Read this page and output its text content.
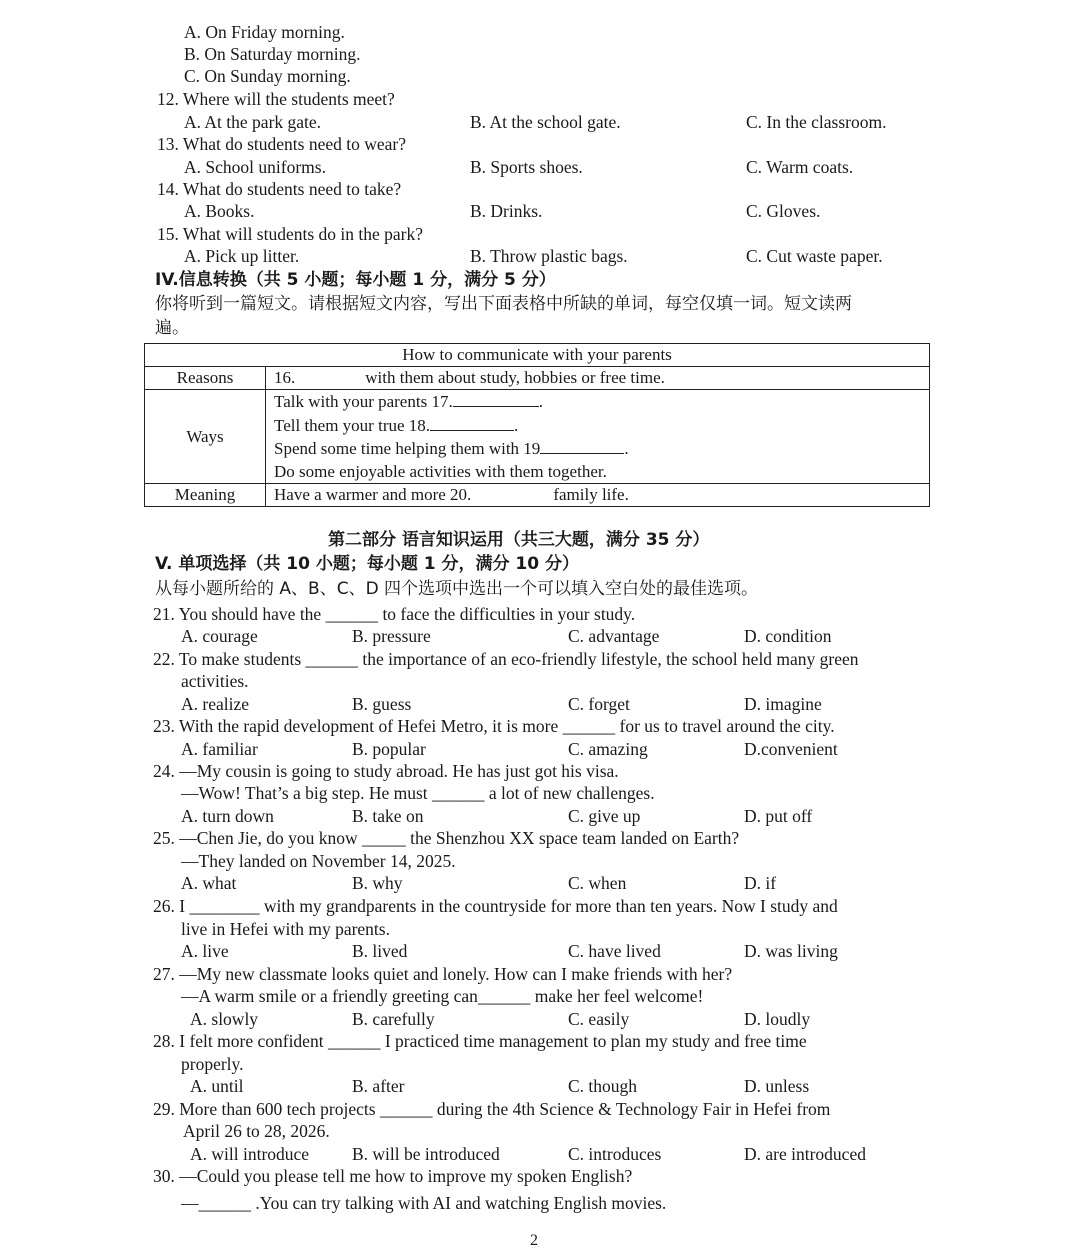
A. On Friday morning.
B. On Saturday morning.
C. On Sunday morning.
12. Where will the students meet?
A. At the park gate.	B. At the school gate.	C. In the classroom.
13. What do students need to wear?
A. School uniforms.	B. Sports shoes.	C. Warm coats.
14. What do students need to take?
A. Books.	B. Drinks.	C. Gloves.
15. What will students do in the park?
A. Pick up litter.	B. Throw plastic bags.	C. Cut waste paper.
IV.信息转换（共 5 小题；每小题 1 分，满分 5 分）
你将听到一篇短文。请根据短文内容，写出下面表格中所缺的单词，每空仅填一词。短文读两
遍。
How to communicate with your parents	
Reasons	16. with them about study, hobbies or free time.
Ways	Talk with your parents 17. .
Tell them your true 18. .
Spend some time helping them with 19 .
Do some enjoyable activities with them together.

Meaning	Have a warmer and more 20. family life.
第二部分 语言知识运用（共三大题，满分 35 分）
V. 单项选择（共 10 小题；每小题 1 分，满分 10 分）
从每小题所给的 A、B、C、D 四个选项中选出一个可以填入空白处的最佳选项。
21. You should have the ______ to face the difficulties in your study.
A. courage	B. pressure	C. advantage	D. condition
22. To make students ______ the importance of an eco-friendly lifestyle, the school held many green
activities.
A. realize	B. guess	C. forget	D. imagine
23. With the rapid development of Hefei Metro, it is more ______ for us to travel around the city.
A. familiar	B. popular	C. amazing	D.convenient
24. —My cousin is going to study abroad. He has just got his visa.
—Wow! That’s a big step. He must ______ a lot of new challenges.
A. turn down	B. take on	C. give up	D. put off
25. —Chen Jie, do you know _____ the Shenzhou XX space team landed on Earth?
—They landed on November 14, 2025.
A. what	B. why	C. when	D. if
26. I ________ with my grandparents in the countryside for more than ten years. Now I study and
live in Hefei with my parents.
A. live	B. lived	C. have lived	D. was living
27. —My new classmate looks quiet and lonely. How can I make friends with her?
—A warm smile or a friendly greeting can______ make her feel welcome!
A. slowly	B. carefully	C. easily	D. loudly
28. I felt more confident ______ I practiced time management to plan my study and free time
properly.
A. until	B. after	C. though	D. unless
29. More than 600 tech projects ______ during the 4th Science & Technology Fair in Hefei from
April 26 to 28, 2026.
A. will introduce B. will be introduced	C. introduces	D. are introduced
30. —Could you please tell me how to improve my spoken English?
—______ .You can try talking with AI and watching English movies.
2
